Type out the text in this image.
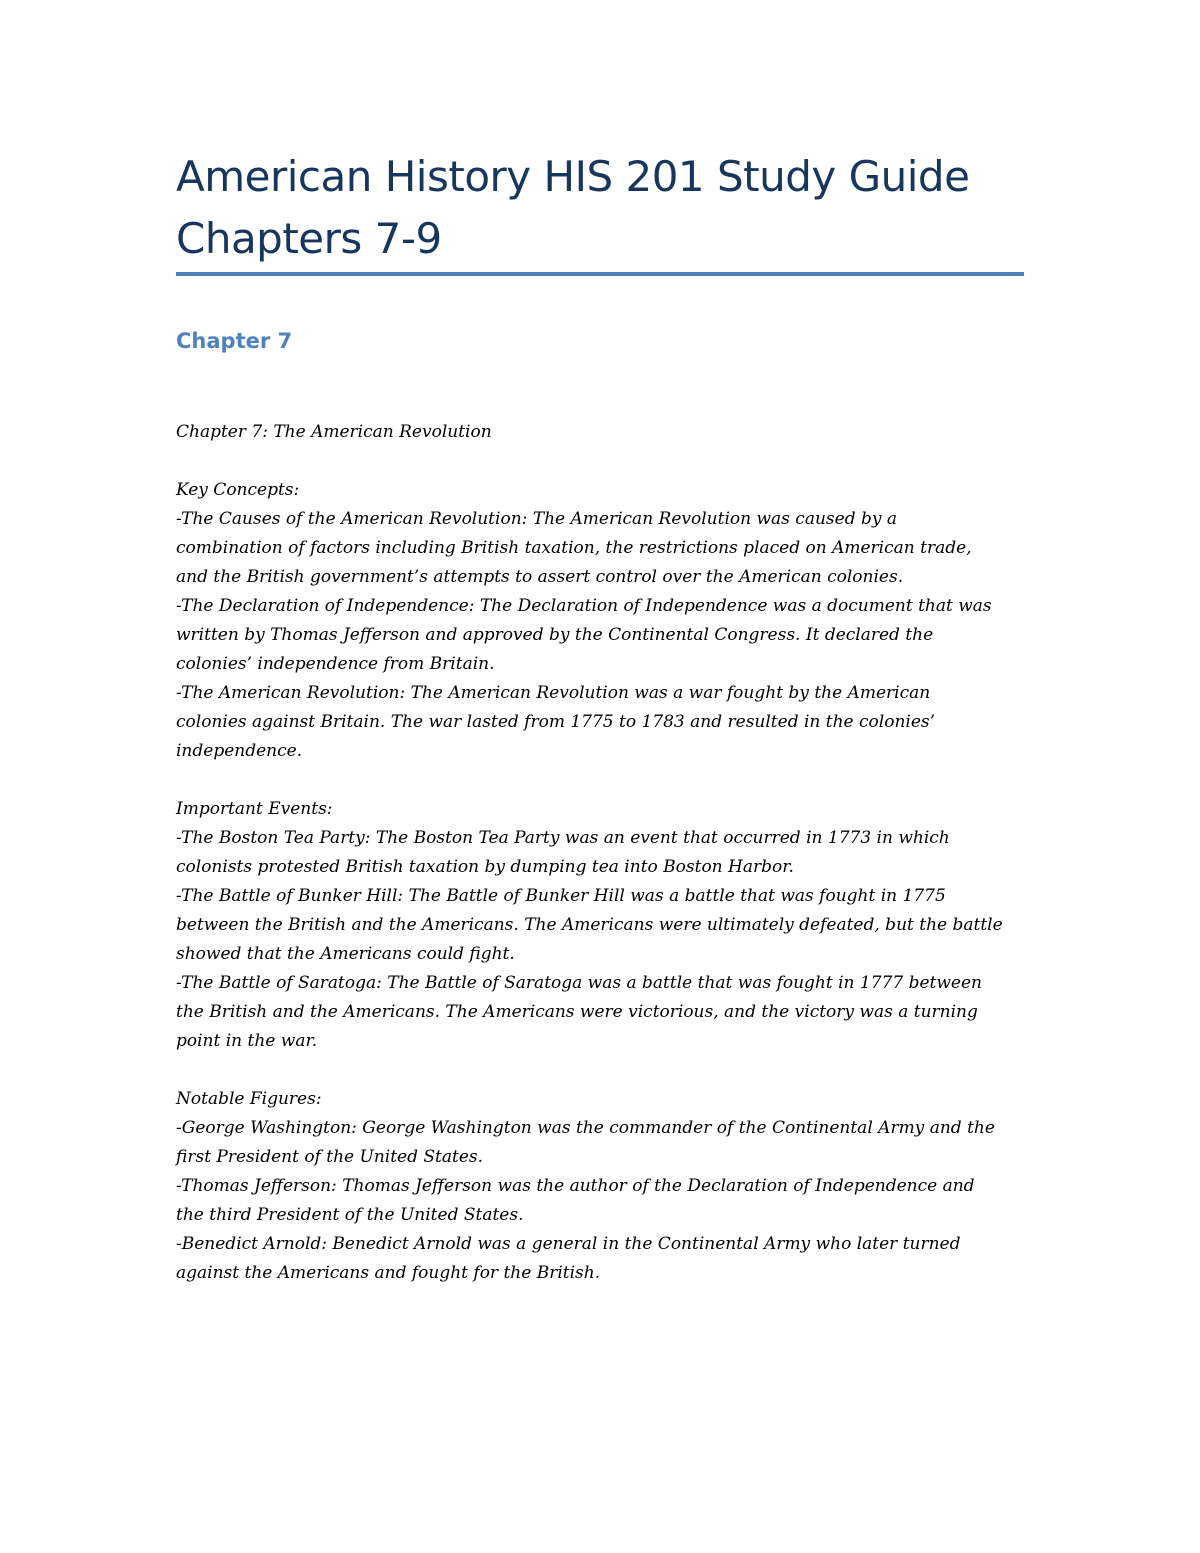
American History HIS 201 Study Guide
Chapters 7-9
Chapter 7
Chapter 7: The American Revolution
Key Concepts:
-The Causes of the American Revolution: The American Revolution was caused by a
combination of factors including British taxation, the restrictions placed on American trade,
and the British government’s attempts to assert control over the American colonies.
-The Declaration of Independence: The Declaration of Independence was a document that was
written by Thomas Jefferson and approved by the Continental Congress. It declared the
colonies’ independence from Britain.
-The American Revolution: The American Revolution was a war fought by the American
colonies against Britain. The war lasted from 1775 to 1783 and resulted in the colonies’
independence.
Important Events:
-The Boston Tea Party: The Boston Tea Party was an event that occurred in 1773 in which
colonists protested British taxation by dumping tea into Boston Harbor.
-The Battle of Bunker Hill: The Battle of Bunker Hill was a battle that was fought in 1775
between the British and the Americans. The Americans were ultimately defeated, but the battle
showed that the Americans could fight.
-The Battle of Saratoga: The Battle of Saratoga was a battle that was fought in 1777 between
the British and the Americans. The Americans were victorious, and the victory was a turning
point in the war.
Notable Figures:
-George Washington: George Washington was the commander of the Continental Army and the
first President of the United States.
-Thomas Jefferson: Thomas Jefferson was the author of the Declaration of Independence and
the third President of the United States.
-Benedict Arnold: Benedict Arnold was a general in the Continental Army who later turned
against the Americans and fought for the British.
